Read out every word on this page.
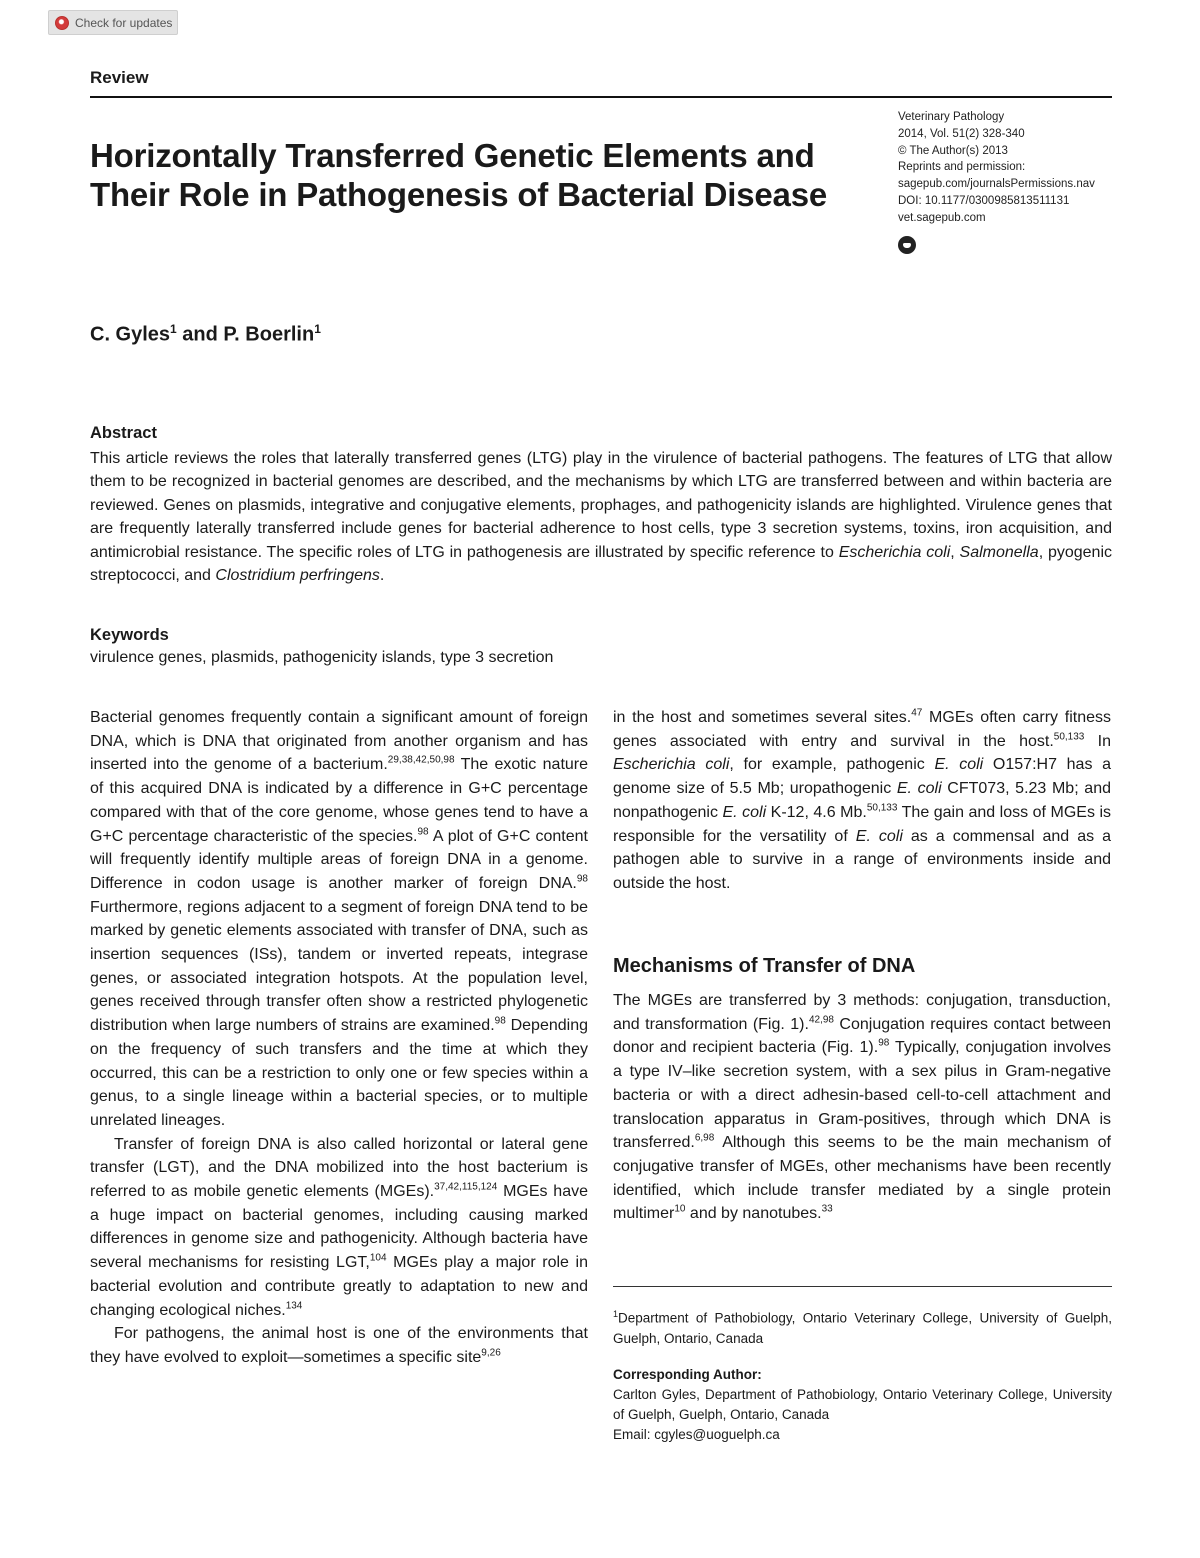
Check for updates
Review
Horizontally Transferred Genetic Elements and Their Role in Pathogenesis of Bacterial Disease
Veterinary Pathology
2014, Vol. 51(2) 328-340
© The Author(s) 2013
Reprints and permission:
sagepub.com/journalsPermissions.nav
DOI: 10.1177/0300985813511131
vet.sagepub.com
C. Gyles$^1$ and P. Boerlin$^1$
Abstract

This article reviews the roles that laterally transferred genes (LTG) play in the virulence of bacterial pathogens. The features of LTG that allow them to be recognized in bacterial genomes are described, and the mechanisms by which LTG are transferred between and within bacteria are reviewed. Genes on plasmids, integrative and conjugative elements, prophages, and pathogenicity islands are highlighted. Virulence genes that are frequently laterally transferred include genes for bacterial adherence to host cells, type 3 secretion systems, toxins, iron acquisition, and antimicrobial resistance. The specific roles of LTG in pathogenesis are illustrated by specific reference to Escherichia coli, Salmonella, pyogenic streptococci, and Clostridium perfringens.

Keywords
virulence genes, plasmids, pathogenicity islands, type 3 secretion

Bacterial genomes frequently contain a significant amount of foreign DNA, which is DNA that originated from another organism and has inserted into the genome of a bacterium.$^{29,38,42,50,98}$ The exotic nature of this acquired DNA is indicated by a difference in G+C percentage compared with that of the core genome, whose genes tend to have a G+C percentage characteristic of the species.$^{98}$ A plot of G+C content will frequently identify multiple areas of foreign DNA in a genome. Difference in codon usage is another marker of foreign DNA.$^{98}$ Furthermore, regions adjacent to a segment of foreign DNA tend to be marked by genetic elements associated with transfer of DNA, such as insertion sequences (ISs), tandem or inverted repeats, integrase genes, or associated integration hotspots. At the population level, genes received through transfer often show a restricted phylogenetic distribution when large numbers of strains are examined.$^{98}$ Depending on the frequency of such transfers and the time at which they occurred, this can be a restriction to only one or few species within a genus, to a single lineage within a bacterial species, or to multiple unrelated lineages.

Transfer of foreign DNA is also called horizontal or lateral gene transfer (LGT), and the DNA mobilized into the host bacterium is referred to as mobile genetic elements (MGEs).$^{37,42,115,124}$ MGEs have a huge impact on bacterial genomes, including causing marked differences in genome size and pathogenicity. Although bacteria have several mechanisms for resisting LGT,$^{104}$ MGEs play a major role in bacterial evolution and contribute greatly to adaptation to new and changing ecological niches.$^{134}$

For pathogens, the animal host is one of the environments that they have evolved to exploit—sometimes a specific site$^{9,26}$

in the host and sometimes several sites.$^{47}$ MGEs often carry fitness genes associated with entry and survival in the host.$^{50,133}$ In Escherichia coli, for example, pathogenic E. coli O157:H7 has a genome size of 5.5 Mb; uropathogenic E. coli CFT073, 5.23 Mb; and nonpathogenic E. coli K-12, 4.6 Mb.$^{50,133}$ The gain and loss of MGEs is responsible for the versatility of E. coli as a commensal and as a pathogen able to survive in a range of environments inside and outside the host.

Mechanisms of Transfer of DNA

The MGEs are transferred by 3 methods: conjugation, transduction, and transformation (Fig. 1).$^{42,98}$ Conjugation requires contact between donor and recipient bacteria (Fig. 1).$^{98}$ Typically, conjugation involves a type IV–like secretion system, with a sex pilus in Gram-negative bacteria or with a direct adhesin-based cell-to-cell attachment and translocation apparatus in Gram-positives, through which DNA is transferred.$^{6,98}$ Although this seems to be the main mechanism of conjugative transfer of MGEs, other mechanisms have been recently identified, which include transfer mediated by a single protein multimer$^{10}$ and by nanotubes.$^{33}$

$^1$Department of Pathobiology, Ontario Veterinary College, University of Guelph, Guelph, Ontario, Canada

Corresponding Author:

Carlton Gyles, Department of Pathobiology, Ontario Veterinary College, University of Guelph, Guelph, Ontario, Canada

Email: cgyles@uoguelph.ca
